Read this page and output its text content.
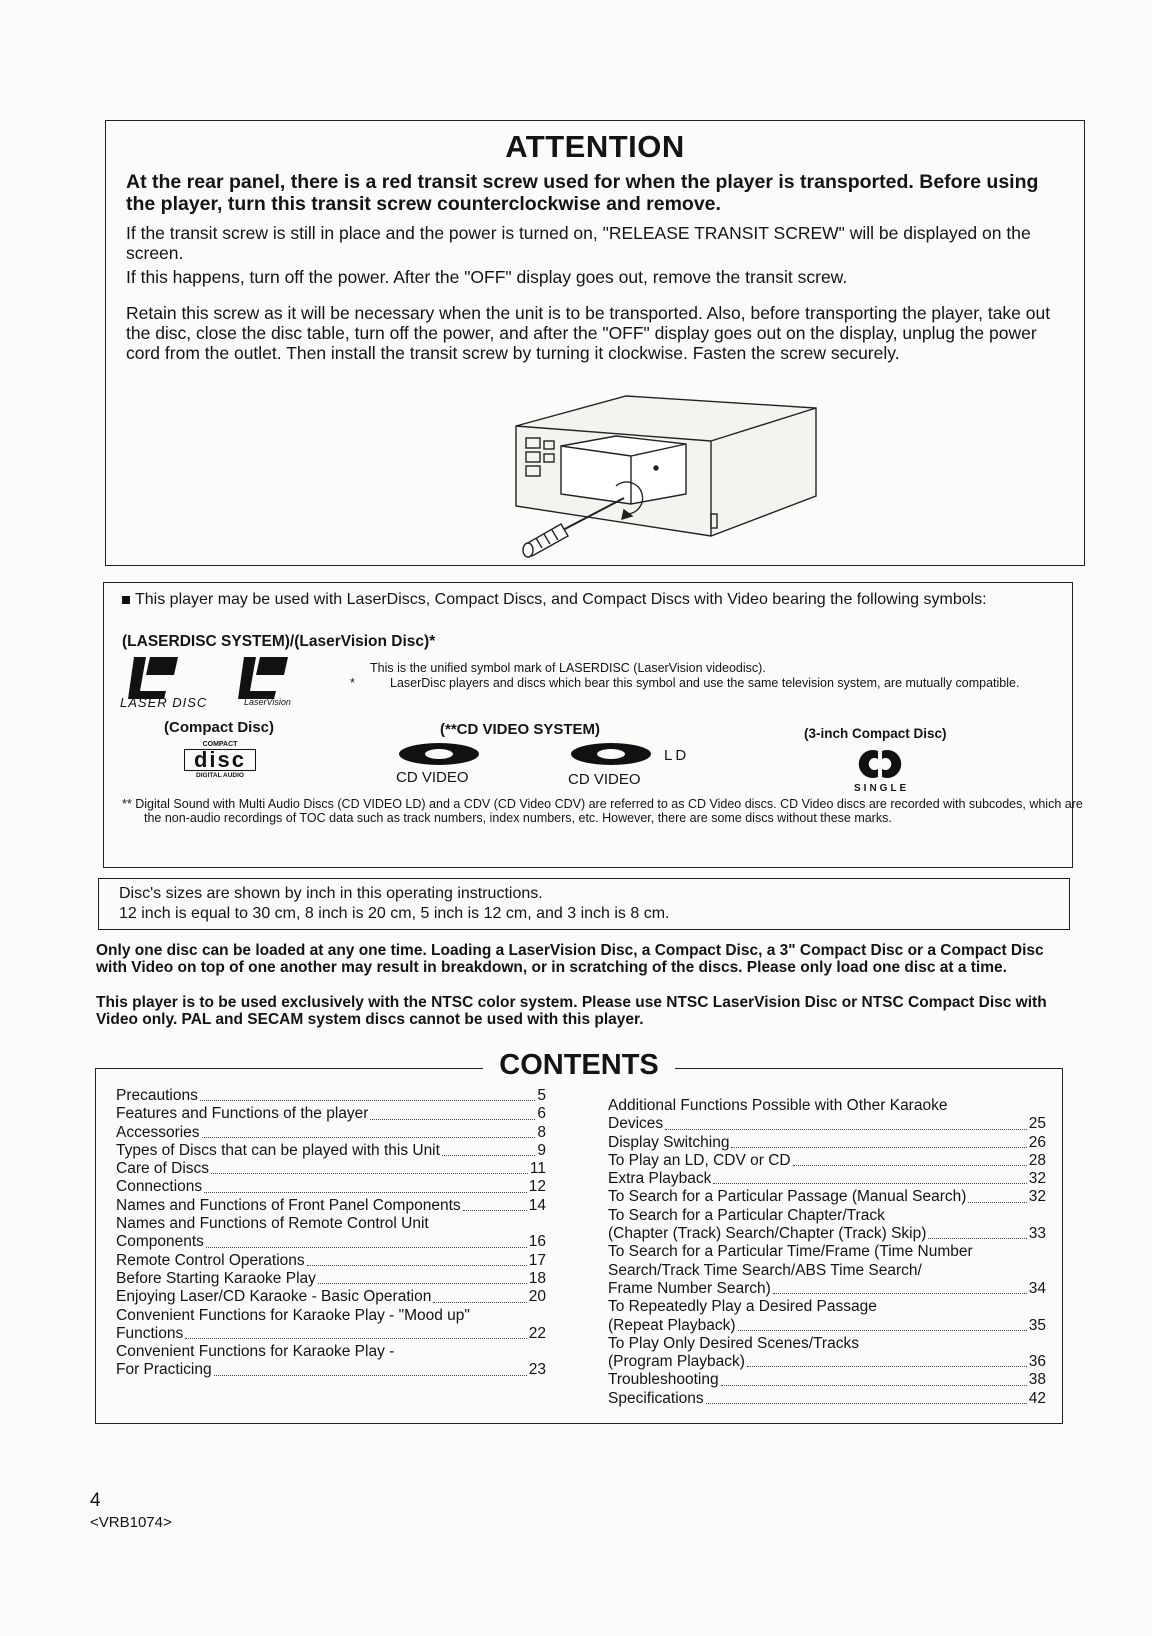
ATTENTION
At the rear panel, there is a red transit screw used for when the player is transported. Before using the player, turn this transit screw counterclockwise and remove.
If the transit screw is still in place and the power is turned on, "RELEASE TRANSIT SCREW" will be displayed on the screen.
If this happens, turn off the power. After the "OFF" display goes out, remove the transit screw.
Retain this screw as it will be necessary when the unit is to be transported. Also, before transporting the player, take out the disc, close the disc table, turn off the power, and after the "OFF" display goes out on the display, unplug the power cord from the outlet. Then install the transit screw by turning it clockwise. Fasten the screw securely.
This player may be used with LaserDiscs, Compact Discs, and Compact Discs with Video bearing the following symbols:
(LASERDISC SYSTEM)/(LaserVision Disc)*
LASER DISC	LaserVision
This is the unified symbol mark of LASERDISC (LaserVision videodisc).
*	LaserDisc players and discs which bear this symbol and use the same television system, are mutually compatible.
(Compact Disc)	(**CD VIDEO SYSTEM)	(3-inch Compact Disc)
COMPACT
disc
DIGITAL AUDIO	CD VIDEO
LD
CD VIDEO
SINGLE
** Digital Sound with Multi Audio Discs (CD VIDEO LD) and a CDV (CD Video CDV) are referred to as CD Video discs. CD Video discs are recorded with subcodes, which are the non-audio recordings of TOC data such as track numbers, index numbers, etc. However, there are some discs without these marks.
Disc's sizes are shown by inch in this operating instructions.
12 inch is equal to 30 cm, 8 inch is 20 cm, 5 inch is 12 cm, and 3 inch is 8 cm.
Only one disc can be loaded at any one time. Loading a LaserVision Disc, a Compact Disc, a 3" Compact Disc or a Compact Disc with Video on top of one another may result in breakdown, or in scratching of the discs. Please only load one disc at a time.
This player is to be used exclusively with the NTSC color system. Please use NTSC LaserVision Disc or NTSC Compact Disc with Video only. PAL and SECAM system discs cannot be used with this player.
CONTENTS
Precautions	5
Features and Functions of the player	6
Accessories	8
Types of Discs that can be played with this Unit	9
Care of Discs	11
Connections	12
Names and Functions of Front Panel Components	14
Names and Functions of Remote Control Unit
Components	16
Remote Control Operations	17
Before Starting Karaoke Play	18
Enjoying Laser/CD Karaoke - Basic Operation	20
Convenient Functions for Karaoke Play - "Mood up"
Functions	22
Convenient Functions for Karaoke Play -
For Practicing	23
Additional Functions Possible with Other Karaoke
Devices	25
Display Switching	26
To Play an LD, CDV or CD	28
Extra Playback	32
To Search for a Particular Passage (Manual Search)	32
To Search for a Particular Chapter/Track
(Chapter (Track) Search/Chapter (Track) Skip)	33
To Search for a Particular Time/Frame (Time Number Search/Track Time Search/ABS Time Search/
Frame Number Search)	34
To Repeatedly Play a Desired Passage
(Repeat Playback)	35
To Play Only Desired Scenes/Tracks
(Program Playback)	36
Troubleshooting	38
Specifications	42
4
<VRB1074>
